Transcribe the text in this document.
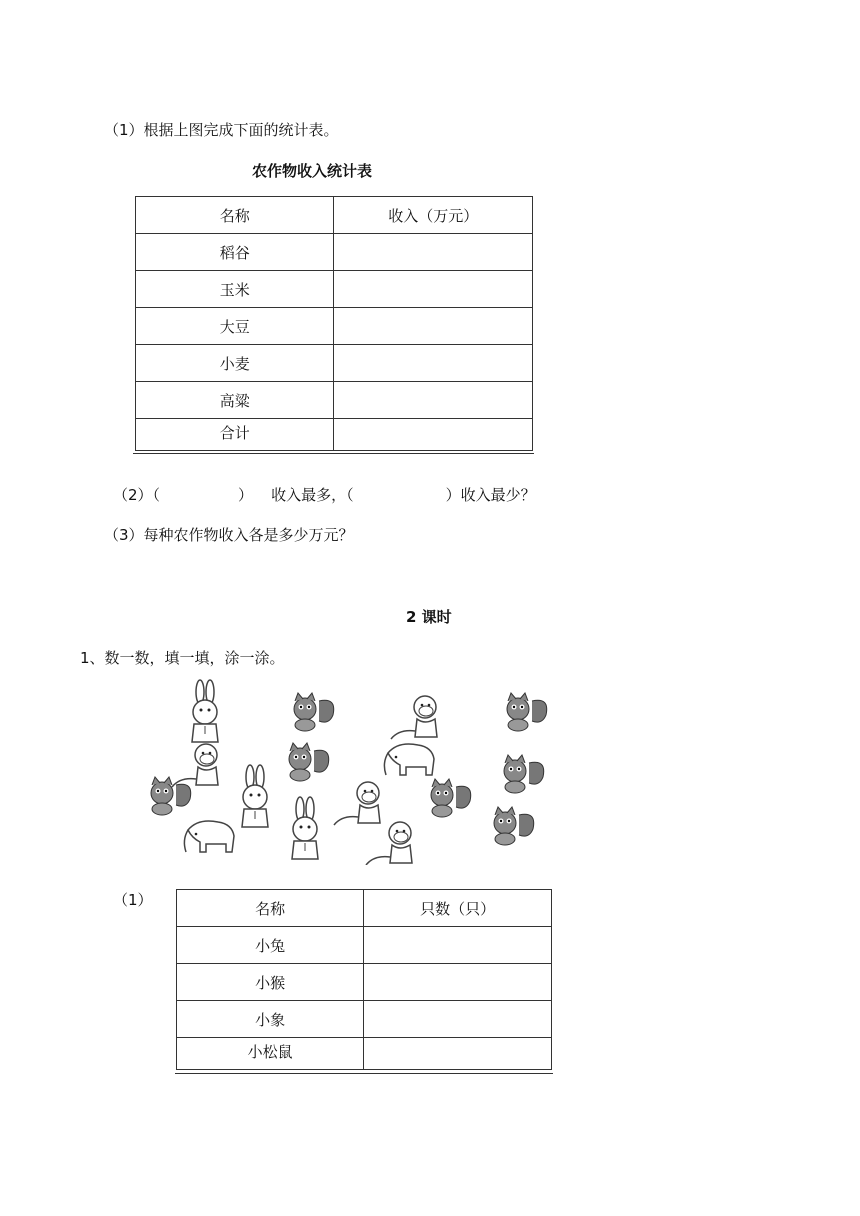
（1）根据上图完成下面的统计表。
农作物收入统计表
名称	收入（万元）
稻谷	
玉米	
大豆	
小麦	
高粱	
合计	
（2）（	） 收入最多，（	）收入最少？
（3）每种农作物收入各是多少万元？
2 课时
1、数一数，填一填，涂一涂。
（1）	名称	只数（只）
小兔	
小猴	
小象	
小松鼠	
